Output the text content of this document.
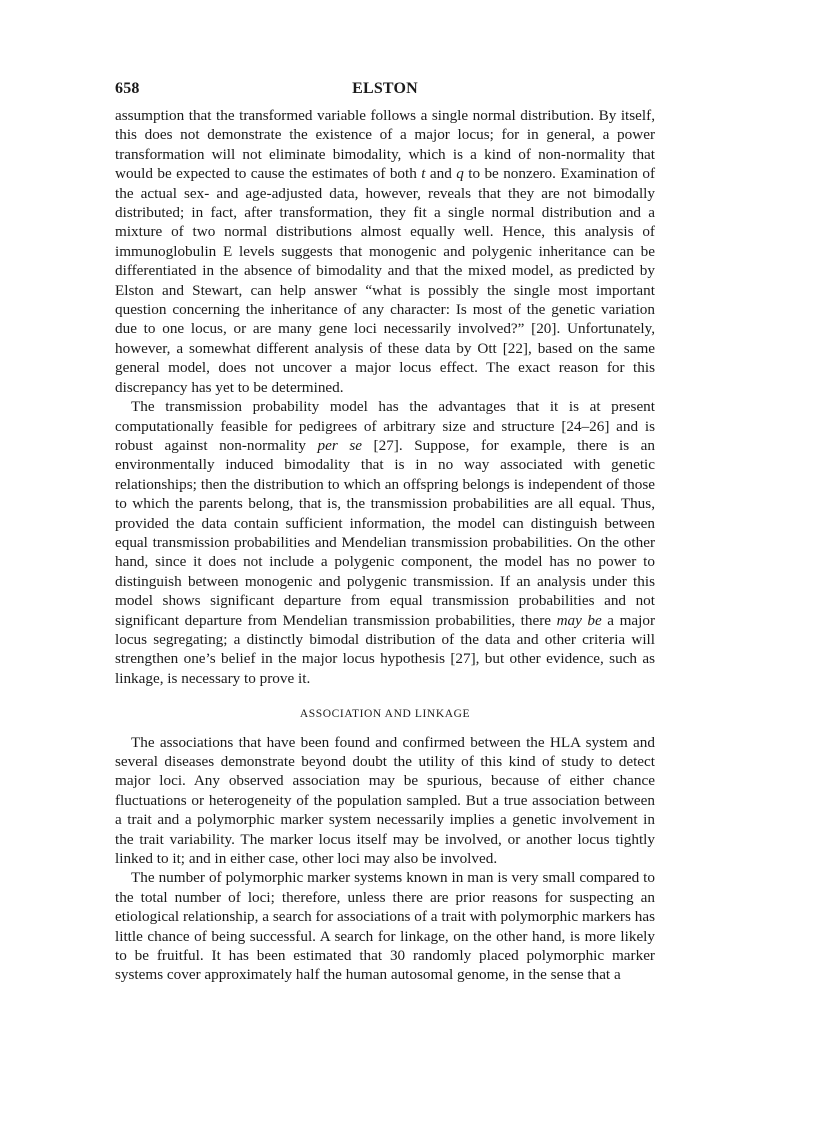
658	ELSTON

assumption that the transformed variable follows a single normal distribution. By itself, this does not demonstrate the existence of a major locus; for in general, a power transformation will not eliminate bimodality, which is a kind of non-normality that would be expected to cause the estimates of both t and q to be nonzero. Examination of the actual sex- and age-adjusted data, however, reveals that they are not bimodally distributed; in fact, after transformation, they fit a single normal distribution and a mixture of two normal distributions almost equally well. Hence, this analysis of immunoglobulin E levels suggests that monogenic and polygenic inheritance can be differentiated in the absence of bimodality and that the mixed model, as predicted by Elston and Stewart, can help answer “what is possibly the single most important question concerning the inheritance of any character: Is most of the genetic variation due to one locus, or are many gene loci necessarily involved?” [20]. Unfortunately, however, a somewhat different analysis of these data by Ott [22], based on the same general model, does not uncover a major locus effect. The exact reason for this discrepancy has yet to be determined.

The transmission probability model has the advantages that it is at present computationally feasible for pedigrees of arbitrary size and structure [24–26] and is robust against non-normality per se [27]. Suppose, for example, there is an environmentally induced bimodality that is in no way associated with genetic relationships; then the distribution to which an offspring belongs is independent of those to which the parents belong, that is, the transmission probabilities are all equal. Thus, provided the data contain sufficient information, the model can distinguish between equal transmission probabilities and Mendelian transmission probabilities. On the other hand, since it does not include a polygenic component, the model has no power to distinguish between monogenic and polygenic transmission. If an analysis under this model shows significant departure from equal transmission probabilities and not significant departure from Mendelian transmission probabilities, there may be a major locus segregating; a distinctly bimodal distribution of the data and other criteria will strengthen one’s belief in the major locus hypothesis [27], but other evidence, such as linkage, is necessary to prove it.

ASSOCIATION AND LINKAGE

The associations that have been found and confirmed between the HLA system and several diseases demonstrate beyond doubt the utility of this kind of study to detect major loci. Any observed association may be spurious, because of either chance fluctuations or heterogeneity of the population sampled. But a true association between a trait and a polymorphic marker system necessarily implies a genetic involvement in the trait variability. The marker locus itself may be involved, or another locus tightly linked to it; and in either case, other loci may also be involved.

The number of polymorphic marker systems known in man is very small compared to the total number of loci; therefore, unless there are prior reasons for suspecting an etiological relationship, a search for associations of a trait with polymorphic markers has little chance of being successful. A search for linkage, on the other hand, is more likely to be fruitful. It has been estimated that 30 randomly placed polymorphic marker systems cover approximately half the human autosomal genome, in the sense that a
